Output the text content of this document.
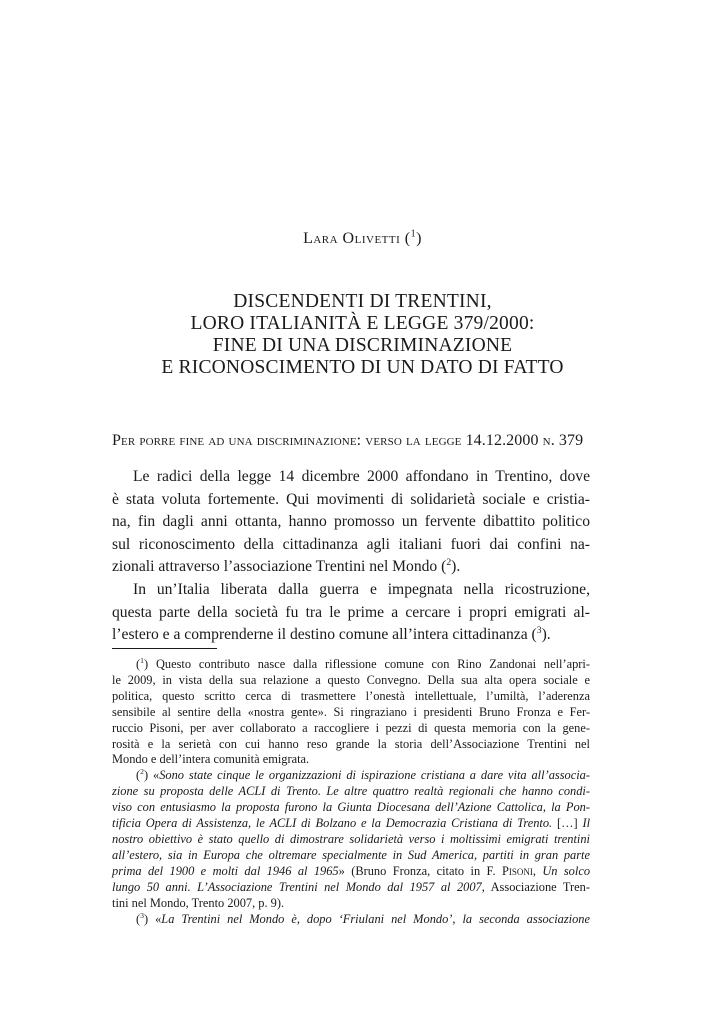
Lara Olivetti ($^1$)
DISCENDENTI DI TRENTINI,
LORO ITALIANITÀ E LEGGE 379/2000:
FINE DI UNA DISCRIMINAZIONE
E RICONOSCIMENTO DI UN DATO DI FATTO
Per porre fine ad una discriminazione: verso la legge 14.12.2000 n. 379
Le radici della legge 14 dicembre 2000 affondano in Trentino, dove
è stata voluta fortemente. Qui movimenti di solidarietà sociale e cristia-
na, fin dagli anni ottanta, hanno promosso un fervente dibattito politico
sul riconoscimento della cittadinanza agli italiani fuori dai confini na-
zionali attraverso l’associazione Trentini nel Mondo ($^2$).
In un’Italia liberata dalla guerra e impegnata nella ricostruzione,
questa parte della società fu tra le prime a cercare i propri emigrati al-
l’estero e a comprenderne il destino comune all’intera cittadinanza ($^3$).
($^1$) Questo contributo nasce dalla riflessione comune con Rino Zandonai nell’apri-
le 2009, in vista della sua relazione a questo Convegno. Della sua alta opera sociale e
politica, questo scritto cerca di trasmettere l’onestà intellettuale, l’umiltà, l’aderenza
sensibile al sentire della «nostra gente». Si ringraziano i presidenti Bruno Fronza e Fer-
ruccio Pisoni, per aver collaborato a raccogliere i pezzi di questa memoria con la gene-
rosità e la serietà con cui hanno reso grande la storia dell’Associazione Trentini nel
Mondo e dell’intera comunità emigrata.
($^2$) «Sono state cinque le organizzazioni di ispirazione cristiana a dare vita all’associa-
zione su proposta delle ACLI di Trento. Le altre quattro realtà regionali che hanno condi-
viso con entusiasmo la proposta furono la Giunta Diocesana dell’Azione Cattolica, la Pon-
tificia Opera di Assistenza, le ACLI di Bolzano e la Democrazia Cristiana di Trento. […] Il
nostro obiettivo è stato quello di dimostrare solidarietà verso i moltissimi emigrati trentini
all’estero, sia in Europa che oltremare specialmente in Sud America, partiti in gran parte
prima del 1900 e molti dal 1946 al 1965» (Bruno Fronza, citato in F. Pisoni, Un solco
lungo 50 anni. L’Associazione Trentini nel Mondo dal 1957 al 2007, Associazione Tren-
tini nel Mondo, Trento 2007, p. 9).
($^3$) «La Trentini nel Mondo è, dopo ‘Friulani nel Mondo’, la seconda associazione
